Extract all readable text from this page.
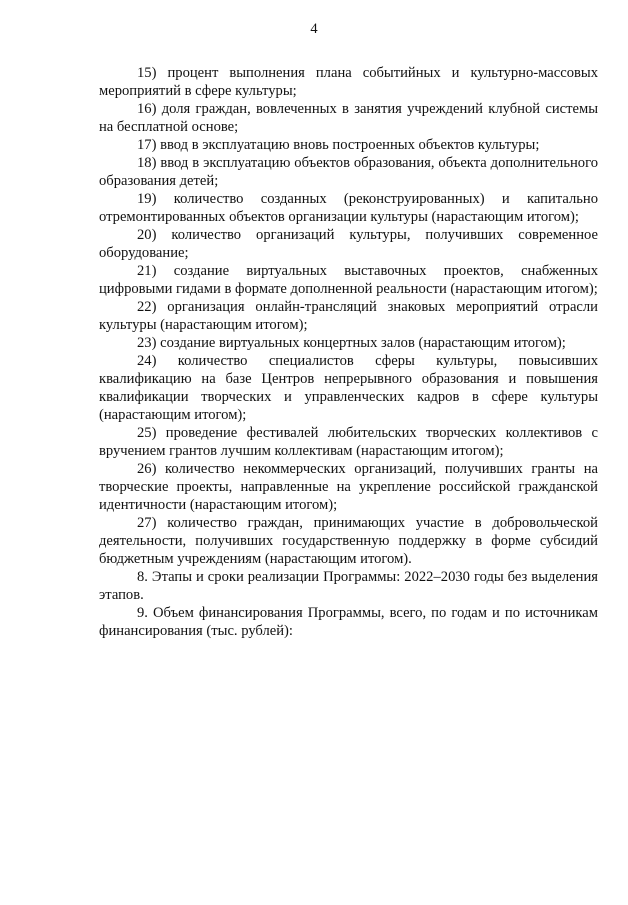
4

15) процент выполнения плана событийных и культурно-массовых мероприятий в сфере культуры;

16) доля граждан, вовлеченных в занятия учреждений клубной системы на бесплатной основе;

17) ввод в эксплуатацию вновь построенных объектов культуры;

18) ввод в эксплуатацию объектов образования, объекта дополнительного образования детей;

19) количество созданных (реконструированных) и капитально отремонтированных объектов организации культуры (нарастающим итогом);

20) количество организаций культуры, получивших современное оборудование;

21) создание виртуальных выставочных проектов, снабженных цифровыми гидами в формате дополненной реальности (нарастающим итогом);

22) организация онлайн-трансляций знаковых мероприятий отрасли культуры (нарастающим итогом);

23) создание виртуальных концертных залов (нарастающим итогом);

24) количество специалистов сферы культуры, повысивших квалификацию на базе Центров непрерывного образования и повышения квалификации творческих и управленческих кадров в сфере культуры (нарастающим итогом);

25) проведение фестивалей любительских творческих коллективов с вручением грантов лучшим коллективам (нарастающим итогом);

26) количество некоммерческих организаций, получивших гранты на творческие проекты, направленные на укрепление российской гражданской идентичности (нарастающим итогом);

27) количество граждан, принимающих участие в добровольческой деятельности, получивших государственную поддержку в форме субсидий бюджетным учреждениям (нарастающим итогом).

8. Этапы и сроки реализации Программы: 2022–2030 годы без выделения этапов.

9. Объем финансирования Программы, всего, по годам и по источникам финансирования (тыс. рублей):
